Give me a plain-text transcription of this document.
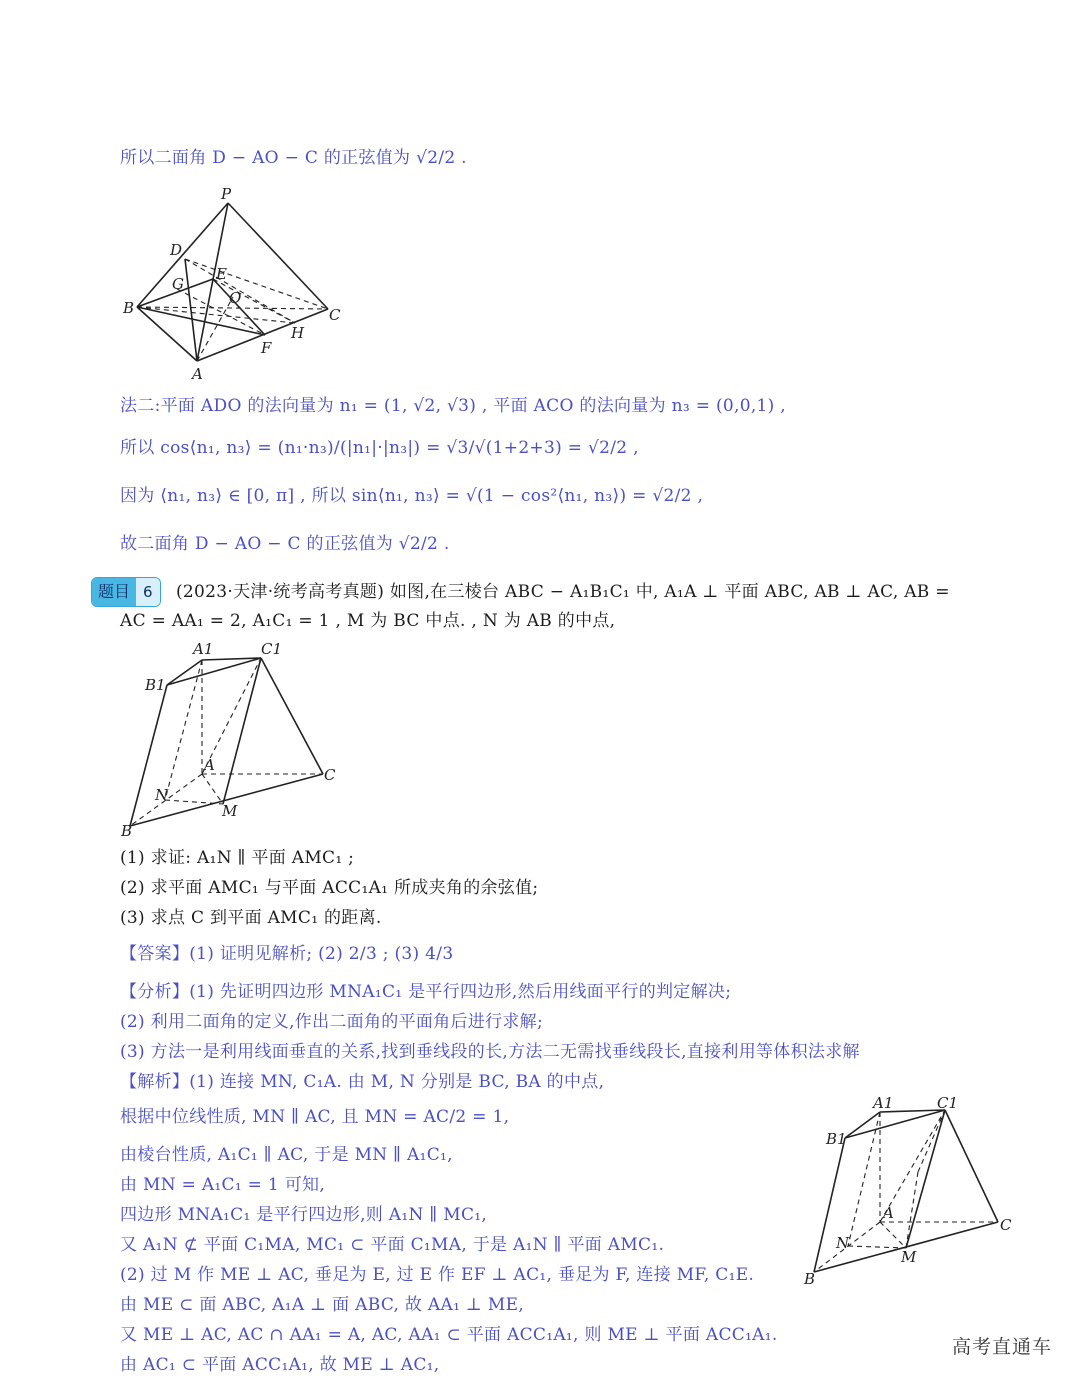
所以二面角 D − AO − C 的正弦值为 √2/2 .
P
D
G
E
O
B	C
H
F
A
法二:平面 ADO 的法向量为 n₁ = (1, √2, √3) , 平面 ACO 的法向量为 n₃ = (0,0,1) ,
所以 cos⟨n₁, n₃⟩ = (n₁·n₃)/(|n₁|·|n₃|) = √3/√(1+2+3) = √2/2 ,
因为 ⟨n₁, n₃⟩ ∈ [0, π] , 所以 sin⟨n₁, n₃⟩ = √(1 − cos²⟨n₁, n₃⟩) = √2/2 ,
故二面角 D − AO − C 的正弦值为 √2/2 .
题目 6	(2023·天津·统考高考真题) 如图,在三棱台 ABC − A₁B₁C₁ 中, A₁A ⊥ 平面 ABC, AB ⊥ AC, AB =
AC = AA₁ = 2, A₁C₁ = 1 , M 为 BC 中点. , N 为 AB 的中点,
A1	C1
B1
A
C
N
M
B
(1) 求证: A₁N ∥ 平面 AMC₁ ;
(2) 求平面 AMC₁ 与平面 ACC₁A₁ 所成夹角的余弦值;
(3) 求点 C 到平面 AMC₁ 的距离.
【答案】(1) 证明见解析; (2) 2/3 ; (3) 4/3
【分析】(1) 先证明四边形 MNA₁C₁ 是平行四边形,然后用线面平行的判定解决;
(2) 利用二面角的定义,作出二面角的平面角后进行求解;
(3) 方法一是利用线面垂直的关系,找到垂线段的长,方法二无需找垂线段长,直接利用等体积法求解
【解析】(1) 连接 MN, C₁A. 由 M, N 分别是 BC, BA 的中点,
根据中位线性质, MN ∥ AC, 且 MN = AC/2 = 1,
由棱台性质, A₁C₁ ∥ AC, 于是 MN ∥ A₁C₁,
由 MN = A₁C₁ = 1 可知,
四边形 MNA₁C₁ 是平行四边形,则 A₁N ∥ MC₁,
又 A₁N ⊄ 平面 C₁MA, MC₁ ⊂ 平面 C₁MA, 于是 A₁N ∥ 平面 AMC₁.
(2) 过 M 作 ME ⊥ AC, 垂足为 E, 过 E 作 EF ⊥ AC₁, 垂足为 F, 连接 MF, C₁E.
由 ME ⊂ 面 ABC, A₁A ⊥ 面 ABC, 故 AA₁ ⊥ ME,
又 ME ⊥ AC, AC ∩ AA₁ = A, AC, AA₁ ⊂ 平面 ACC₁A₁, 则 ME ⊥ 平面 ACC₁A₁.
由 AC₁ ⊂ 平面 ACC₁A₁, 故 ME ⊥ AC₁,
A1	C1
B1
A
C
N
M
B
高考直通车
